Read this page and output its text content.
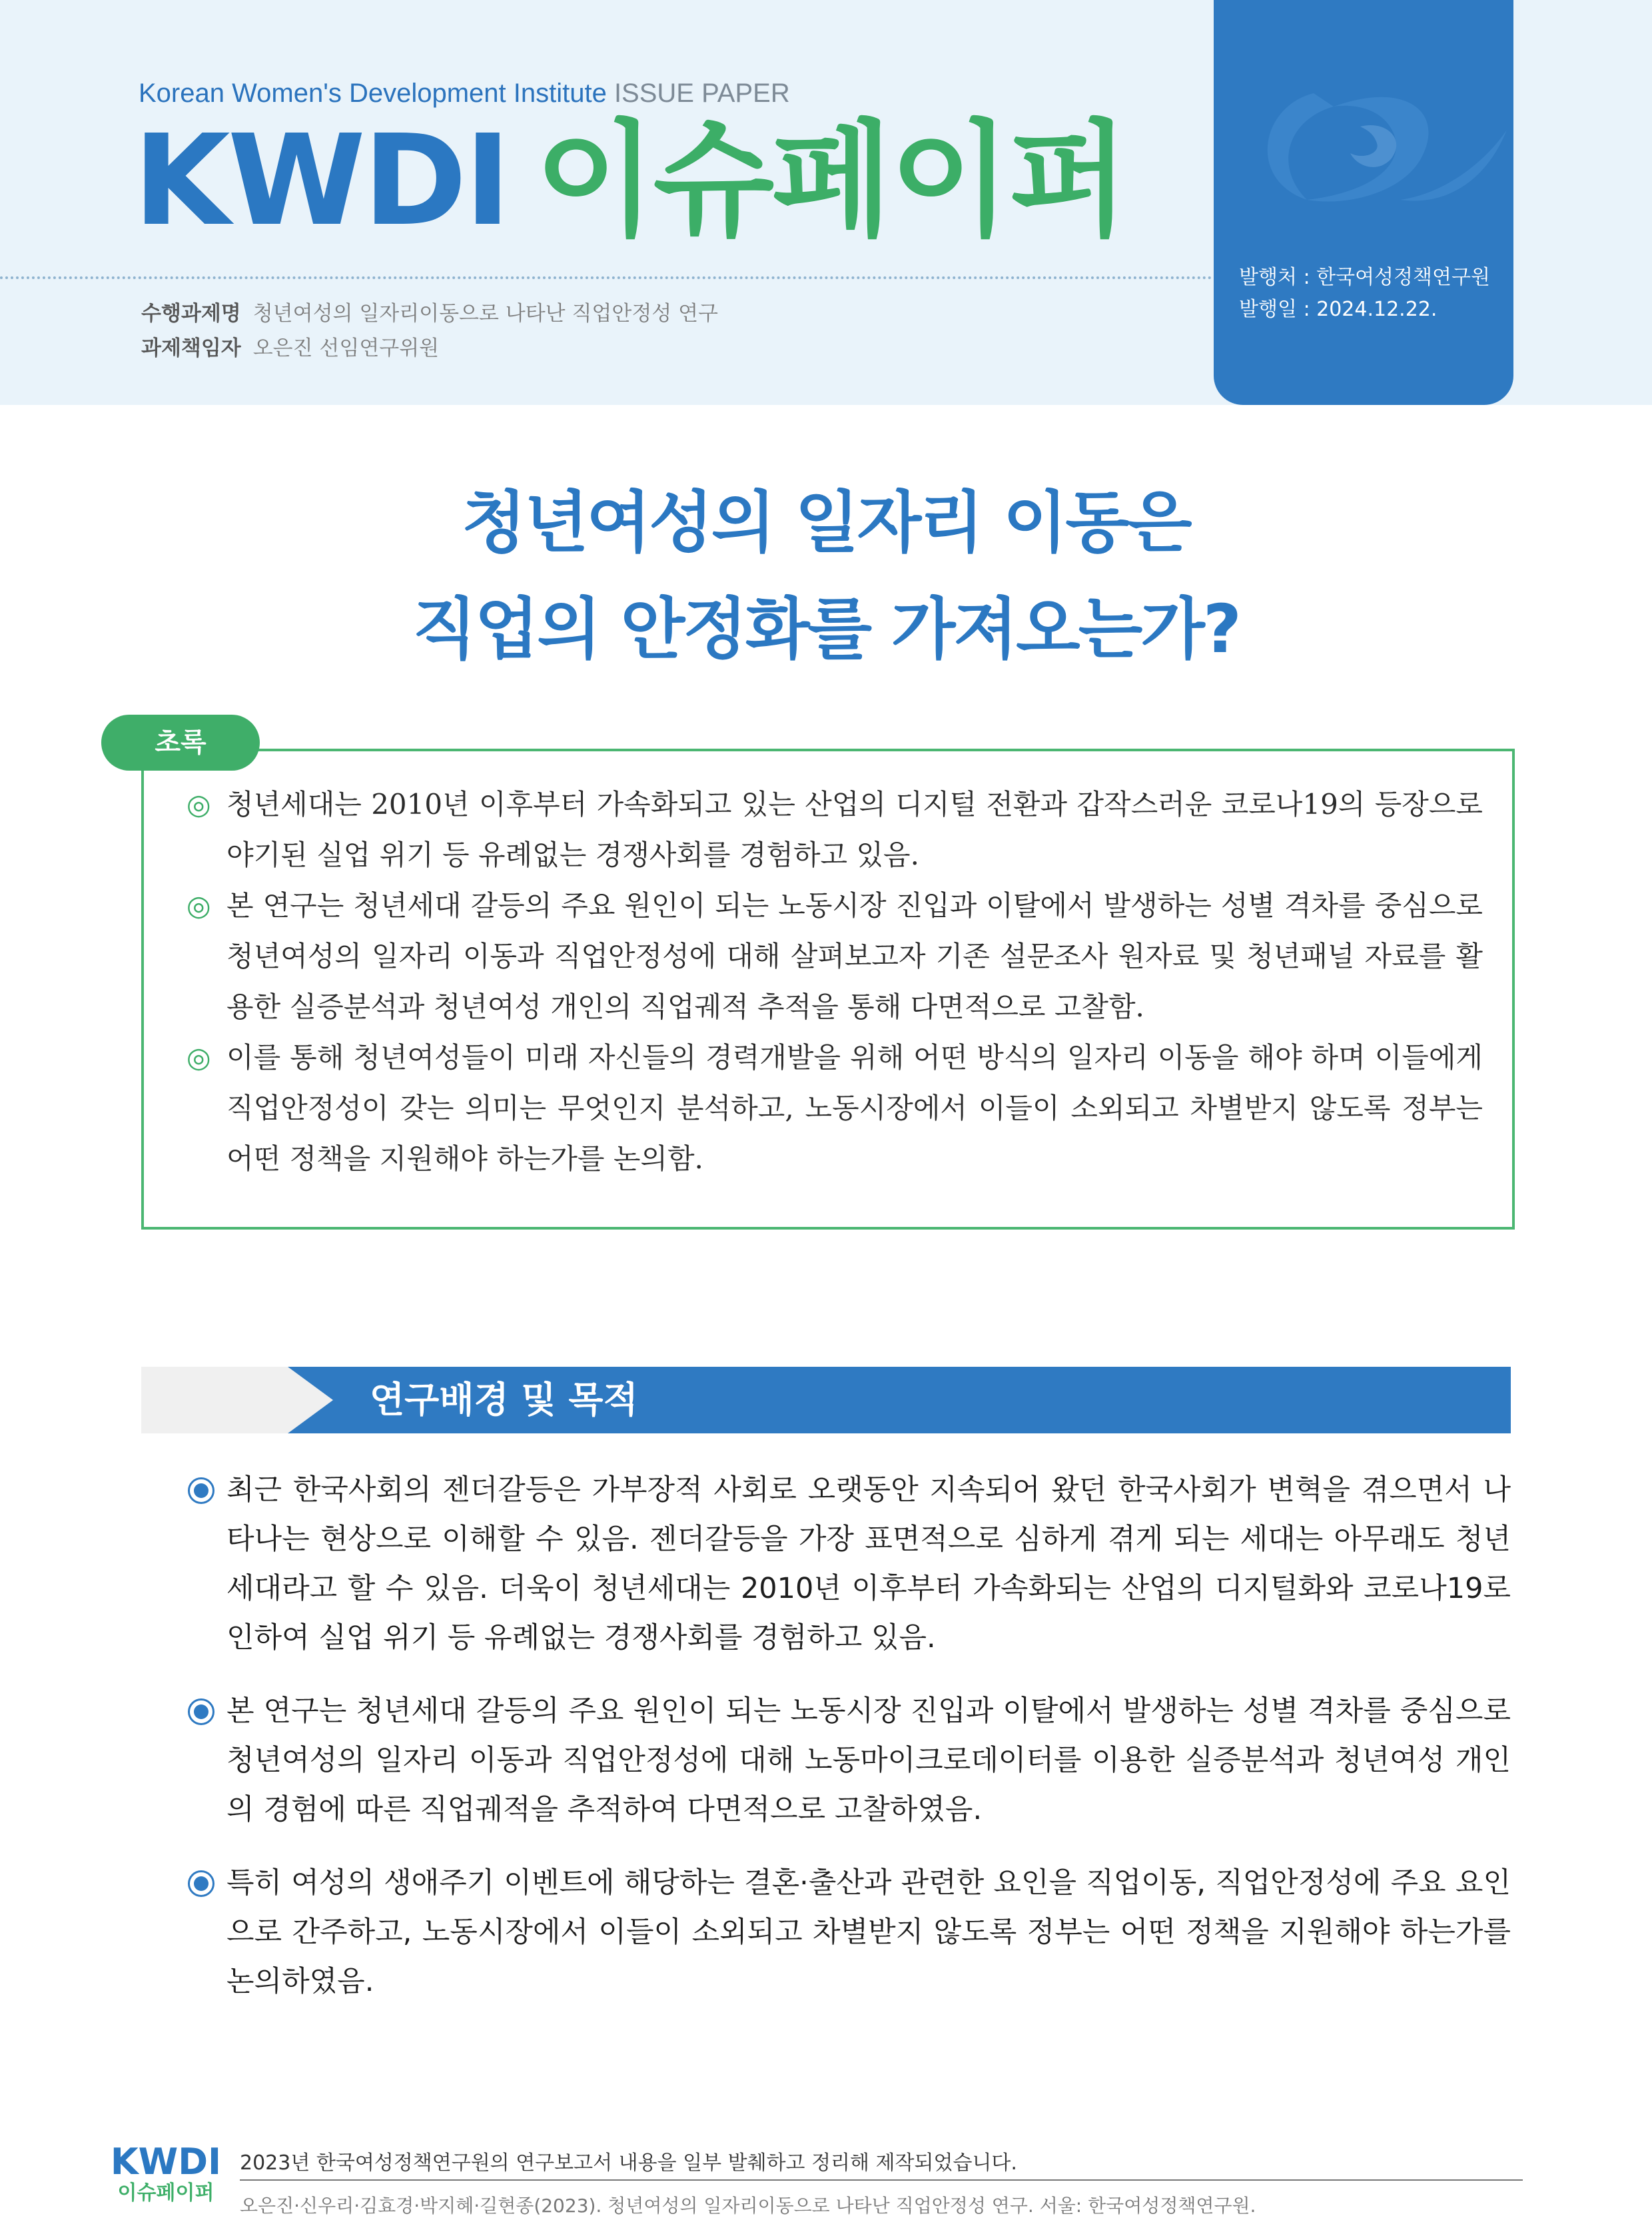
Korean Women's Development Institute ISSUE PAPER
KWDI 이슈페이퍼
수행과제명 청년여성의 일자리이동으로 나타난 직업안정성 연구
과제책임자 오은진 선임연구위원
발행처 : 한국여성정책연구원
발행일 : 2024.12.22.
청년여성의 일자리 이동은
직업의 안정화를 가져오는가?
초록
◎ 청년세대는 2010년 이후부터 가속화되고 있는 산업의 디지털 전환과 갑작스러운 코로나19의 등장으로 야기된 실업 위기 등 유례없는 경쟁사회를 경험하고 있음.
◎ 본 연구는 청년세대 갈등의 주요 원인이 되는 노동시장 진입과 이탈에서 발생하는 성별 격차를 중심으로 청년여성의 일자리 이동과 직업안정성에 대해 살펴보고자 기존 설문조사 원자료 및 청년패널 자료를 활용한 실증분석과 청년여성 개인의 직업궤적 추적을 통해 다면적으로 고찰함.
◎ 이를 통해 청년여성들이 미래 자신들의 경력개발을 위해 어떤 방식의 일자리 이동을 해야 하며 이들에게 직업안정성이 갖는 의미는 무엇인지 분석하고, 노동시장에서 이들이 소외되고 차별받지 않도록 정부는 어떤 정책을 지원해야 하는가를 논의함.
연구배경 및 목적
최근 한국사회의 젠더갈등은 가부장적 사회로 오랫동안 지속되어 왔던 한국사회가 변혁을 겪으면서 나타나는 현상으로 이해할 수 있음. 젠더갈등을 가장 표면적으로 심하게 겪게 되는 세대는 아무래도 청년세대라고 할 수 있음. 더욱이 청년세대는 2010년 이후부터 가속화되는 산업의 디지털화와 코로나19로 인하여 실업 위기 등 유례없는 경쟁사회를 경험하고 있음.
본 연구는 청년세대 갈등의 주요 원인이 되는 노동시장 진입과 이탈에서 발생하는 성별 격차를 중심으로 청년여성의 일자리 이동과 직업안정성에 대해 노동마이크로데이터를 이용한 실증분석과 청년여성 개인의 경험에 따른 직업궤적을 추적하여 다면적으로 고찰하였음.
특히 여성의 생애주기 이벤트에 해당하는 결혼·출산과 관련한 요인을 직업이동, 직업안정성에 주요 요인으로 간주하고, 노동시장에서 이들이 소외되고 차별받지 않도록 정부는 어떤 정책을 지원해야 하는가를 논의하였음.
KWDI
이슈페이퍼
2023년 한국여성정책연구원의 연구보고서 내용을 일부 발췌하고 정리해 제작되었습니다.
오은진·신우리·김효경·박지혜·길현종(2023). 청년여성의 일자리이동으로 나타난 직업안정성 연구. 서울: 한국여성정책연구원.
